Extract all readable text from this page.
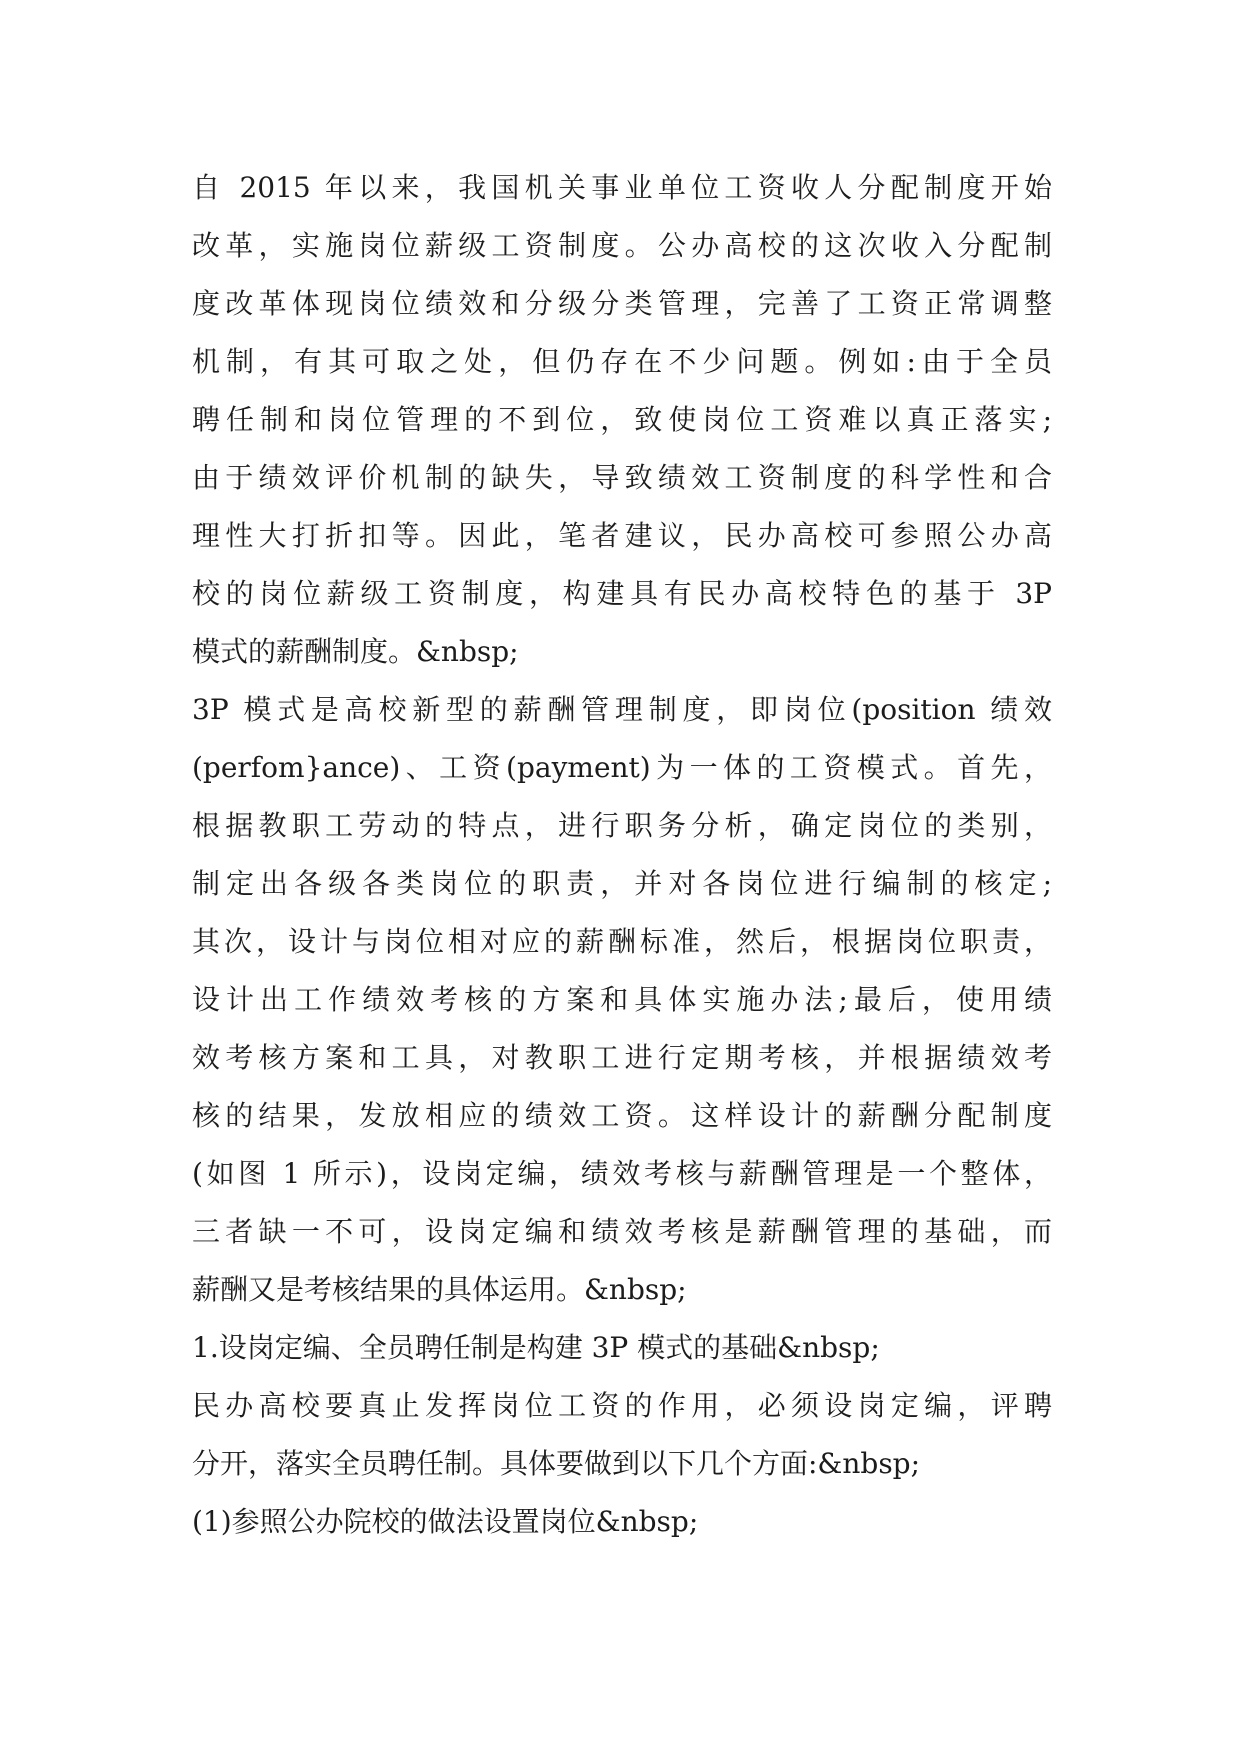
自 2015 年以来，我国机关事业单位工资收人分配制度开始
改革，实施岗位薪级工资制度。公办高校的这次收入分配制
度改革体现岗位绩效和分级分类管理，完善了工资正常调整
机制，有其可取之处，但仍存在不少问题。例如:由于全员
聘任制和岗位管理的不到位，致使岗位工资难以真正落实;
由于绩效评价机制的缺失，导致绩效工资制度的科学性和合
理性大打折扣等。因此，笔者建议，民办高校可参照公办高
校的岗位薪级工资制度，构建具有民办高校特色的基于 3P
模式的薪酬制度。&nbsp;
3P 模式是高校新型的薪酬管理制度，即岗位(position 绩效
(perfom}ance)、工资(payment)为一体的工资模式。首先，
根据教职工劳动的特点，进行职务分析，确定岗位的类别，
制定出各级各类岗位的职责，并对各岗位进行编制的核定;
其次，设计与岗位相对应的薪酬标准，然后，根据岗位职责，
设计出工作绩效考核的方案和具体实施办法;最后，使用绩
效考核方案和工具，对教职工进行定期考核，并根据绩效考
核的结果，发放相应的绩效工资。这样设计的薪酬分配制度
(如图 1 所示)，设岗定编，绩效考核与薪酬管理是一个整体，
三者缺一不可，设岗定编和绩效考核是薪酬管理的基础，而
薪酬又是考核结果的具体运用。&nbsp;
1.设岗定编、全员聘任制是构建 3P 模式的基础&nbsp;
民办高校要真止发挥岗位工资的作用，必须设岗定编，评聘
分开，落实全员聘任制。具体要做到以下几个方面:&nbsp;
(1)参照公办院校的做法设置岗位&nbsp;
